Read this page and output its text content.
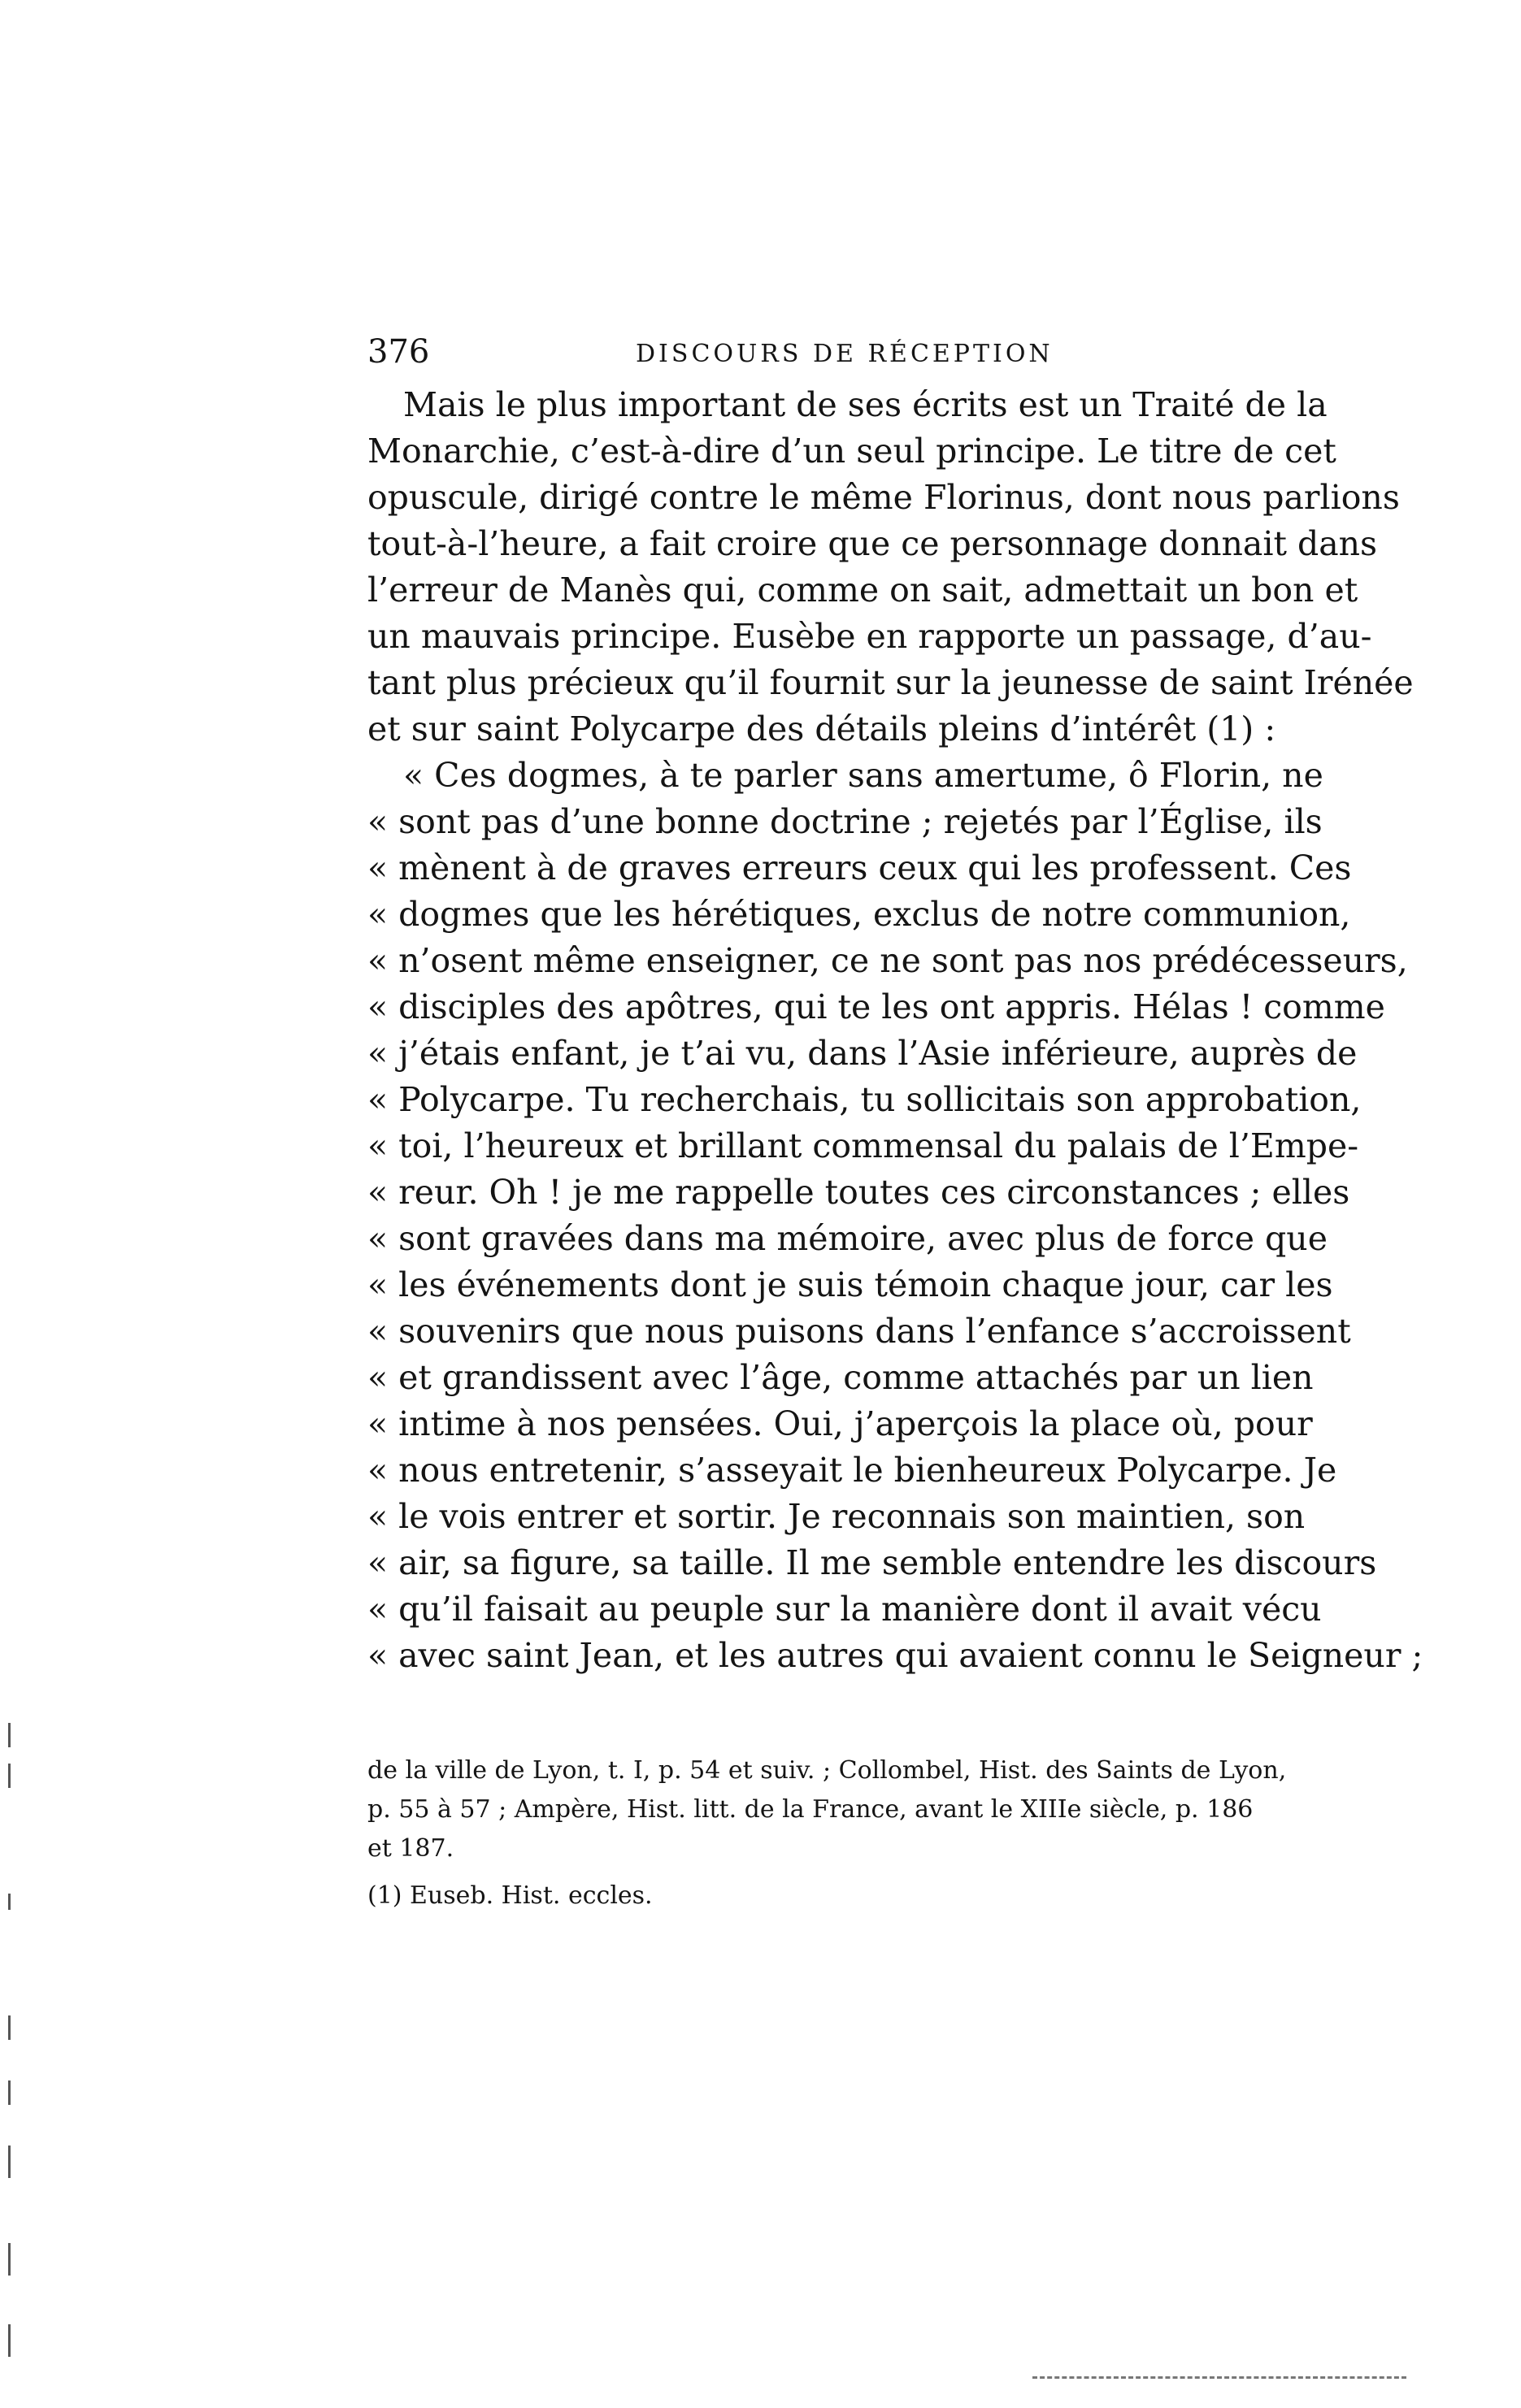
376	DISCOURS DE RÉCEPTION
Mais le plus important de ses écrits est un Traité de la
Monarchie, c’est-à-dire d’un seul principe. Le titre de cet
opuscule, dirigé contre le même Florinus, dont nous parlions
tout-à-l’heure, a fait croire que ce personnage donnait dans
l’erreur de Manès qui, comme on sait, admettait un bon et
un mauvais principe. Eusèbe en rapporte un passage, d’au-
tant plus précieux qu’il fournit sur la jeunesse de saint Irénée
et sur saint Polycarpe des détails pleins d’intérêt (1) :
« Ces dogmes, à te parler sans amertume, ô Florin, ne
« sont pas d’une bonne doctrine ; rejetés par l’Église, ils
« mènent à de graves erreurs ceux qui les professent. Ces
« dogmes que les hérétiques, exclus de notre communion,
« n’osent même enseigner, ce ne sont pas nos prédécesseurs,
« disciples des apôtres, qui te les ont appris. Hélas ! comme
« j’étais enfant, je t’ai vu, dans l’Asie inférieure, auprès de
« Polycarpe. Tu recherchais, tu sollicitais son approbation,
« toi, l’heureux et brillant commensal du palais de l’Empe-
« reur. Oh ! je me rappelle toutes ces circonstances ; elles
« sont gravées dans ma mémoire, avec plus de force que
« les événements dont je suis témoin chaque jour, car les
« souvenirs que nous puisons dans l’enfance s’accroissent
« et grandissent avec l’âge, comme attachés par un lien
« intime à nos pensées. Oui, j’aperçois la place où, pour
« nous entretenir, s’asseyait le bienheureux Polycarpe. Je
« le vois entrer et sortir. Je reconnais son maintien, son
« air, sa figure, sa taille. Il me semble entendre les discours
« qu’il faisait au peuple sur la manière dont il avait vécu
« avec saint Jean, et les autres qui avaient connu le Seigneur ;
de la ville de Lyon, t. I, p. 54 et suiv. ; Collombel, Hist. des Saints de Lyon,
p. 55 à 57 ; Ampère, Hist. litt. de la France, avant le XIIIe siècle, p. 186
et 187.
(1) Euseb. Hist. eccles.
